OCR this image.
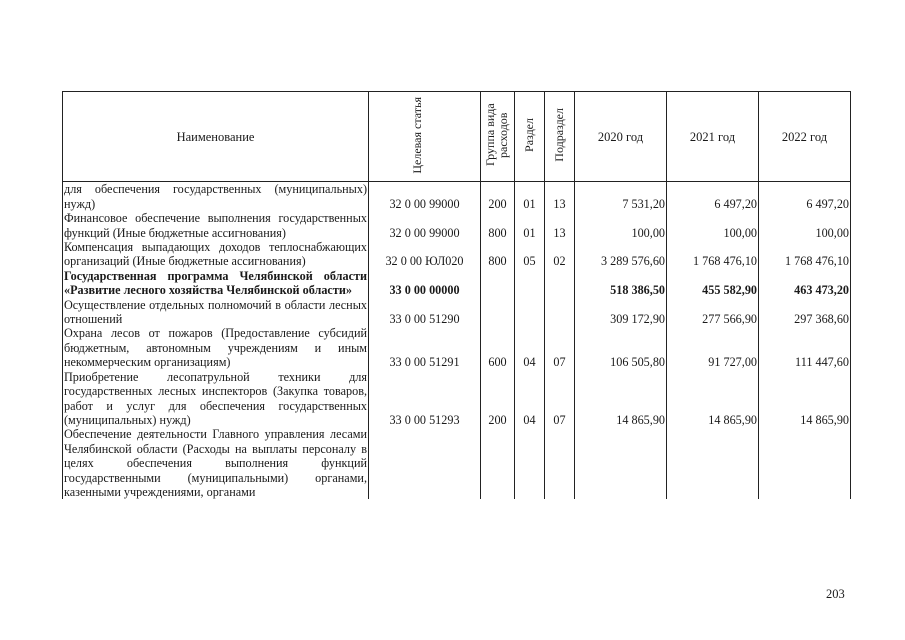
Наименование	Целевая статья	Группа вида расходов	Раздел	Подраздел	2020 год	2021 год	2022 год
для обеспечения государственных (муниципальных) нужд)	32 0 00 99000	200	01	13	7 531,20	6 497,20	6 497,20
Финансовое обеспечение выполнения государственных функций (Иные бюджетные ассигнования)	32 0 00 99000	800	01	13	100,00	100,00	100,00
Компенсация выпадающих доходов теплоснабжающих организаций (Иные бюджетные ассигнования)	32 0 00 ЮЛ020	800	05	02	3 289 576,60	1 768 476,10	1 768 476,10
Государственная программа Челябинской области «Развитие лесного хозяйства Челябинской области»	33 0 00 00000				518 386,50	455 582,90	463 473,20
Осуществление отдельных полномочий в области лесных отношений	33 0 00 51290				309 172,90	277 566,90	297 368,60
Охрана лесов от пожаров (Предоставление субсидий бюджетным, автономным учреждениям и иным некоммерческим организациям)	33 0 00 51291	600	04	07	106 505,80	91 727,00	111 447,60
Приобретение лесопатрульной техники для государственных лесных инспекторов (Закупка товаров, работ и услуг для обеспечения государственных (муниципальных) нужд)	33 0 00 51293	200	04	07	14 865,90	14 865,90	14 865,90
Обеспечение деятельности Главного управления лесами Челябинской области (Расходы на выплаты персоналу в целях обеспечения выполнения функций государственными (муниципальными) органами, казенными учреждениями, органами							
203
